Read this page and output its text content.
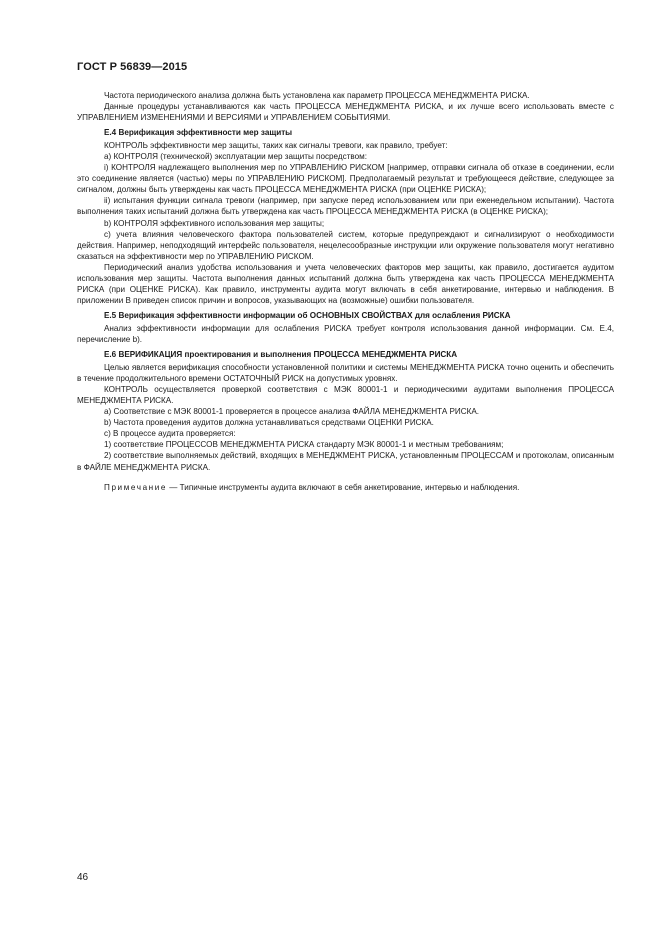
ГОСТ Р 56839—2015

Частота периодического анализа должна быть установлена как параметр ПРОЦЕССА МЕНЕДЖМЕНТА РИСКА.

Данные процедуры устанавливаются как часть ПРОЦЕССА МЕНЕДЖМЕНТА РИСКА, и их лучше всего использовать вместе с УПРАВЛЕНИЕМ ИЗМЕНЕНИЯМИ И ВЕРСИЯМИ и УПРАВЛЕНИЕМ СОБЫТИЯМИ.

E.4 Верификация эффективности мер защиты

КОНТРОЛЬ эффективности мер защиты, таких как сигналы тревоги, как правило, требует:

а) КОНТРОЛЯ (технической) эксплуатации мер защиты посредством:

i) КОНТРОЛЯ надлежащего выполнения мер по УПРАВЛЕНИЮ РИСКОМ [например, отправки сигнала об отказе в соединении, если это соединение является (частью) меры по УПРАВЛЕНИЮ РИСКОМ]. Предполагаемый результат и требующееся действие, следующее за сигналом, должны быть утверждены как часть ПРОЦЕССА МЕНЕДЖМЕНТА РИСКА (при ОЦЕНКЕ РИСКА);

ii) испытания функции сигнала тревоги (например, при запуске перед использованием или при еженедельном испытании). Частота выполнения таких испытаний должна быть утверждена как часть ПРОЦЕССА МЕНЕДЖМЕНТА РИСКА (в ОЦЕНКЕ РИСКА);

b) КОНТРОЛЯ эффективного использования мер защиты;

с) учета влияния человеческого фактора пользователей систем, которые предупреждают и сигнализируют о необходимости действия. Например, неподходящий интерфейс пользователя, нецелесообразные инструкции или окружение пользователя могут негативно сказаться на эффективности мер по УПРАВЛЕНИЮ РИСКОМ.

Периодический анализ удобства использования и учета человеческих факторов мер защиты, как правило, достигается аудитом использования мер защиты. Частота выполнения данных испытаний должна быть утверждена как часть ПРОЦЕССА МЕНЕДЖМЕНТА РИСКА (при ОЦЕНКЕ РИСКА). Как правило, инструменты аудита могут включать в себя анкетирование, интервью и наблюдения. В приложении В приведен список причин и вопросов, указывающих на (возможные) ошибки пользователя.

E.5 Верификация эффективности информации об ОСНОВНЫХ СВОЙСТВАХ для ослабления РИСКА

Анализ эффективности информации для ослабления РИСКА требует контроля использования данной информации. См. Е.4, перечисление b).

E.6 ВЕРИФИКАЦИЯ проектирования и выполнения ПРОЦЕССА МЕНЕДЖМЕНТА РИСКА

Целью является верификация способности установленной политики и системы МЕНЕДЖМЕНТА РИСКА точно оценить и обеспечить в течение продолжительного времени ОСТАТОЧНЫЙ РИСК на допустимых уровнях.

КОНТРОЛЬ осуществляется проверкой соответствия с МЭК 80001-1 и периодическими аудитами выполнения ПРОЦЕССА МЕНЕДЖМЕНТА РИСКА.

а) Соответствие с МЭК 80001-1 проверяется в процессе анализа ФАЙЛА МЕНЕДЖМЕНТА РИСКА.

b) Частота проведения аудитов должна устанавливаться средствами ОЦЕНКИ РИСКА.

с) В процессе аудита проверяется:

1) соответствие ПРОЦЕССОВ МЕНЕДЖМЕНТА РИСКА стандарту МЭК 80001-1 и местным требованиям;

2) соответствие выполняемых действий, входящих в МЕНЕДЖМЕНТ РИСКА, установленным ПРОЦЕССАМ и протоколам, описанным в ФАЙЛЕ МЕНЕДЖМЕНТА РИСКА.

Примечание — Типичные инструменты аудита включают в себя анкетирование, интервью и наблюдения.

46
